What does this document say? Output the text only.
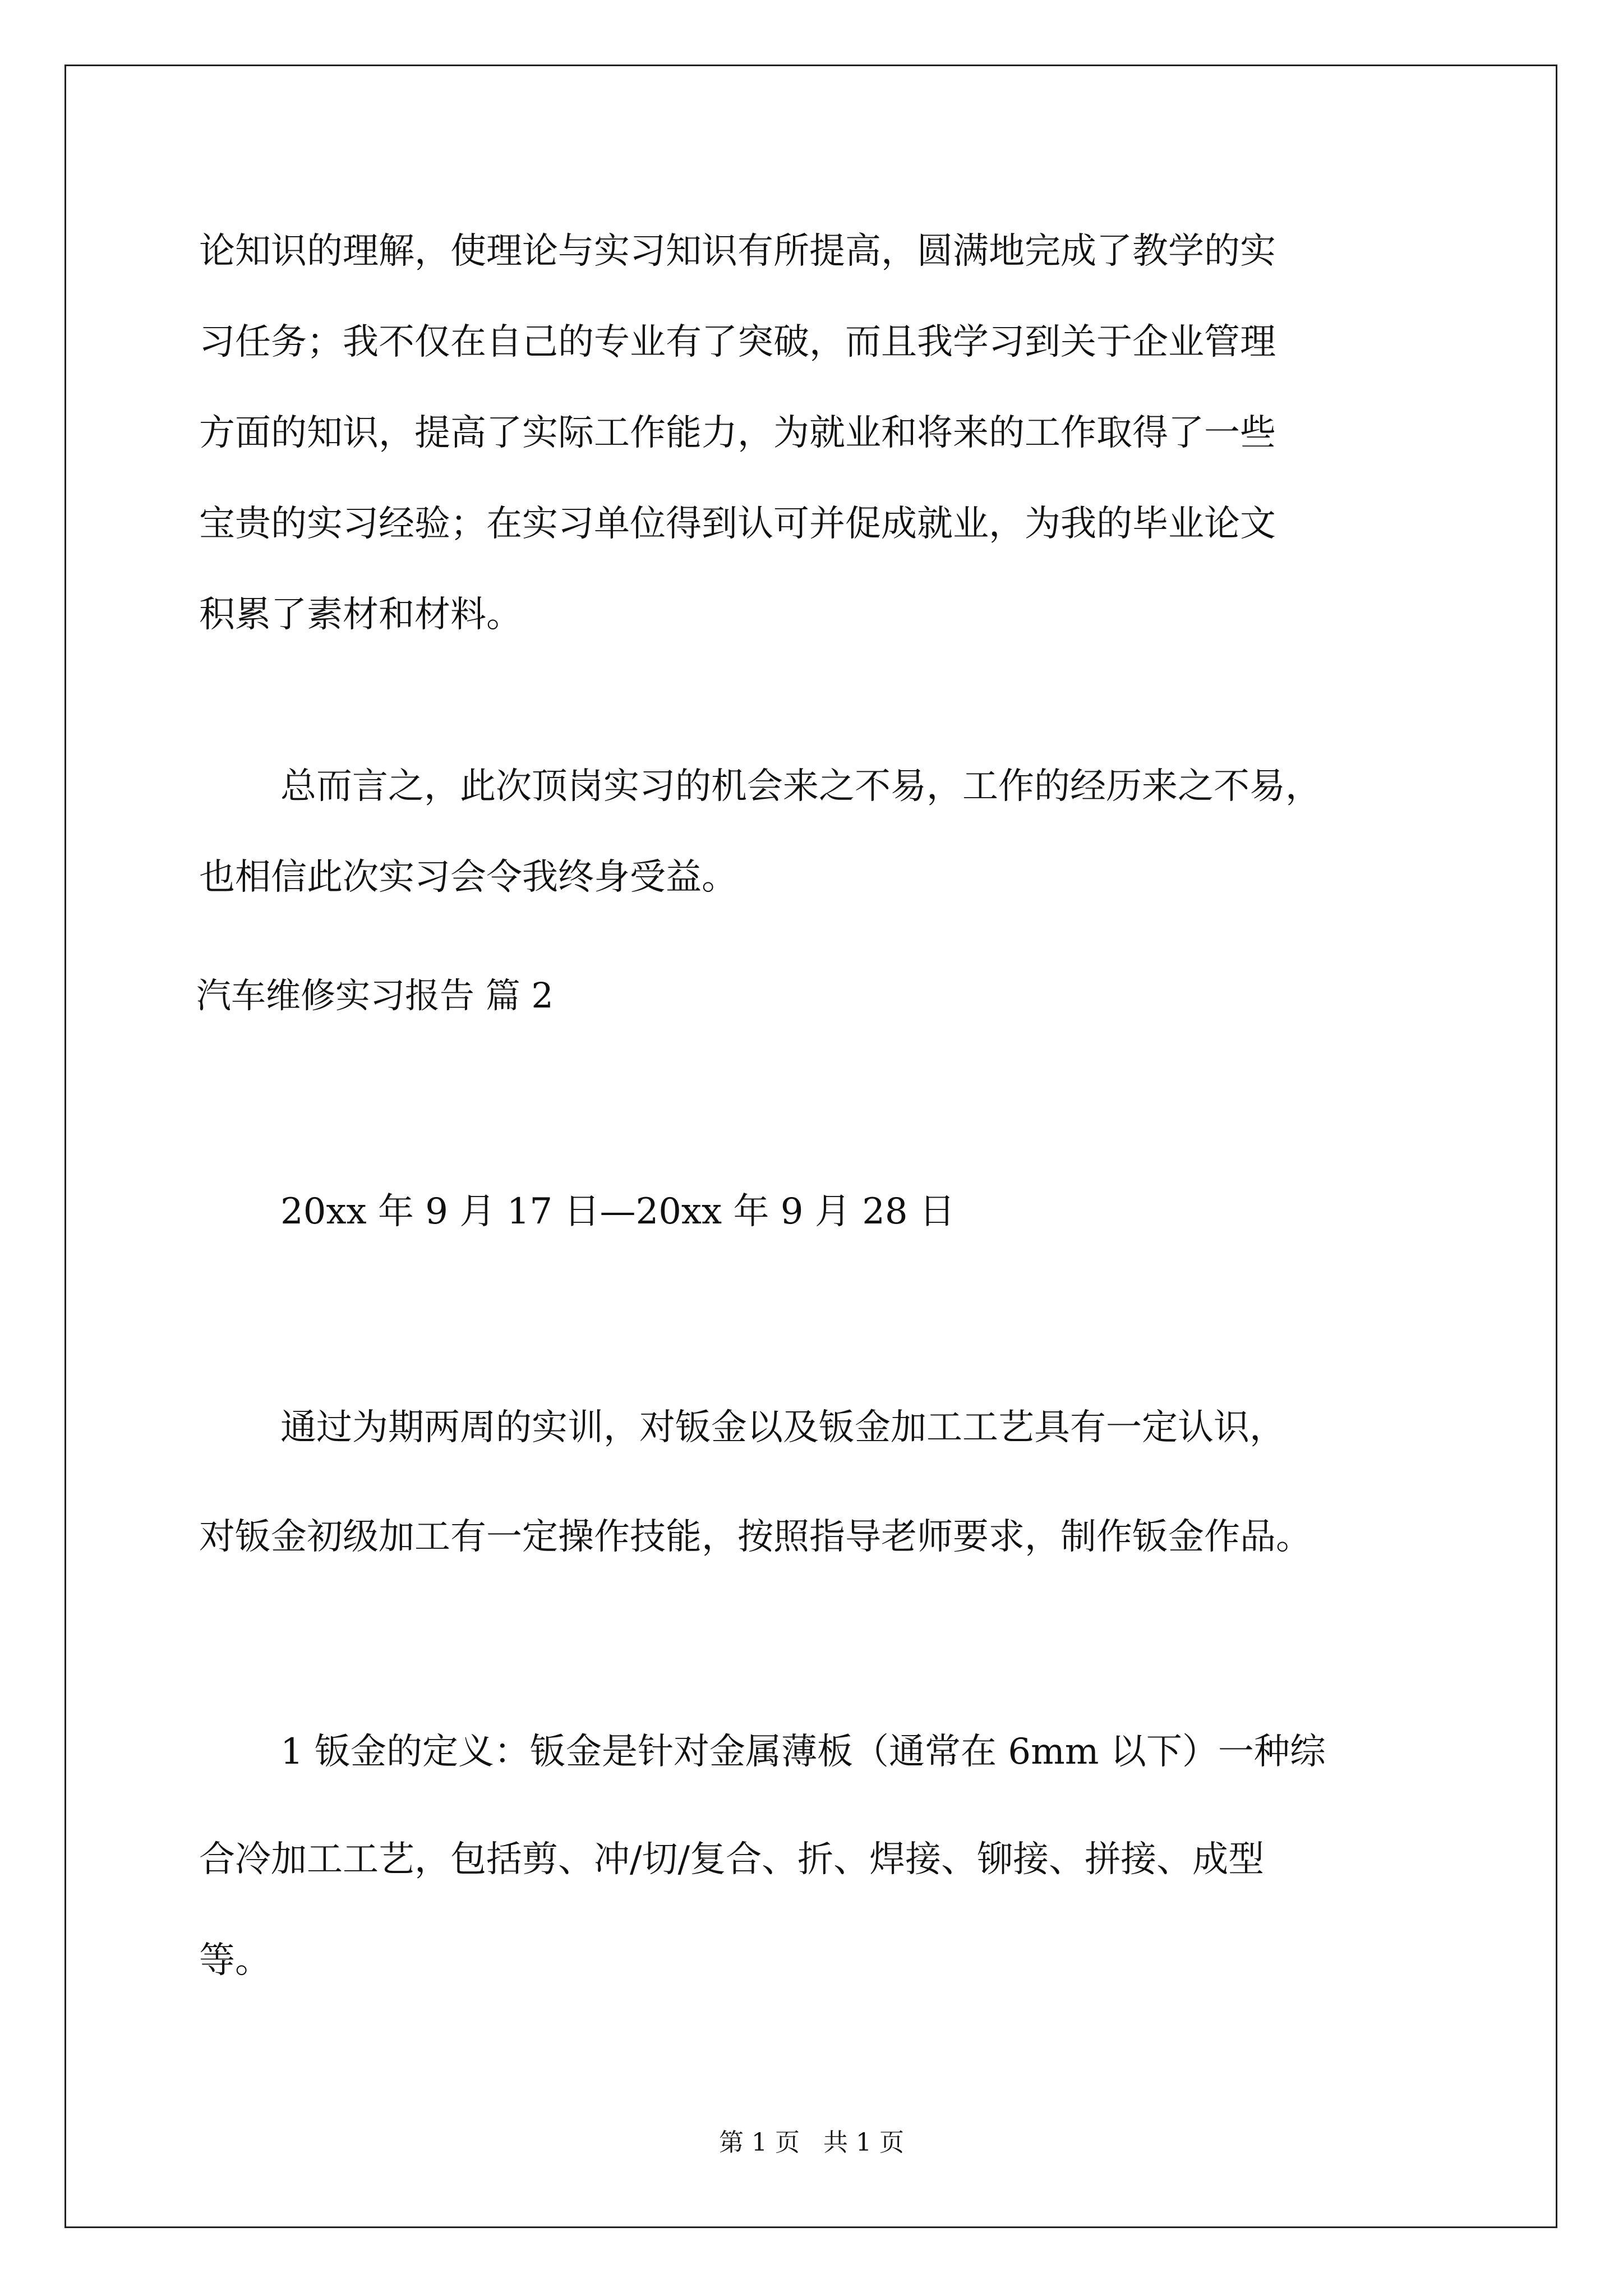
论知识的理解，使理论与实习知识有所提高，圆满地完成了教学的实
习任务；我不仅在自己的专业有了突破，而且我学习到关于企业管理
方面的知识，提高了实际工作能力，为就业和将来的工作取得了一些
宝贵的实习经验；在实习单位得到认可并促成就业，为我的毕业论文
积累了素材和材料。
总而言之，此次顶岗实习的机会来之不易，工作的经历来之不易，
也相信此次实习会令我终身受益。
汽车维修实习报告 篇 2
20xx 年 9 月 17 日—20xx 年 9 月 28 日
通过为期两周的实训，对钣金以及钣金加工工艺具有一定认识，
对钣金初级加工有一定操作技能，按照指导老师要求，制作钣金作品。
1 钣金的定义：钣金是针对金属薄板（通常在 6mm 以下）一种综
合冷加工工艺，包括剪、冲/切/复合、折、焊接、铆接、拼接、成型
等。
第 1 页   共 1 页
